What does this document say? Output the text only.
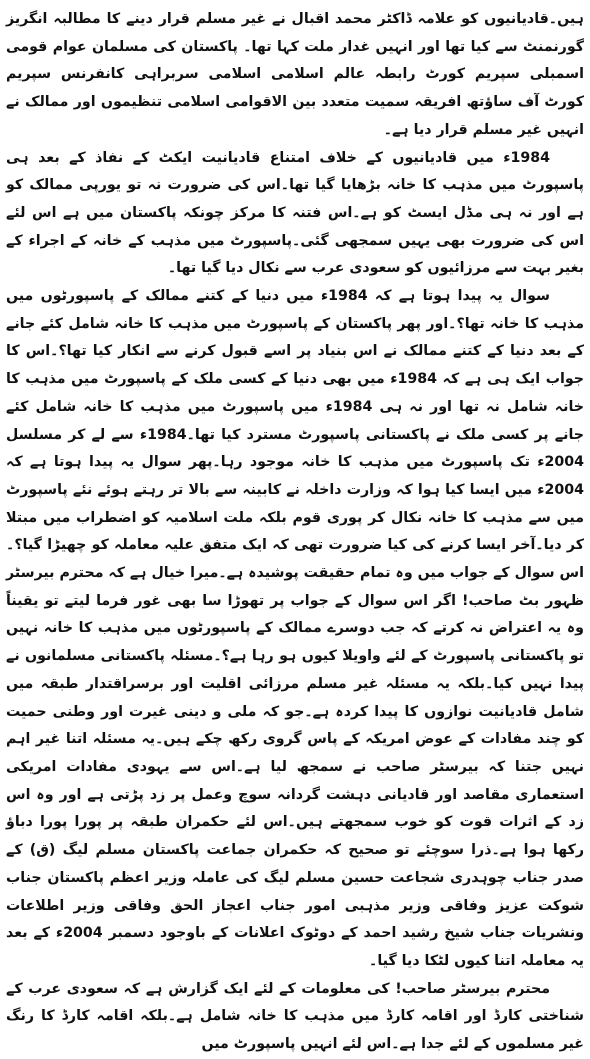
ہیں۔قادیانیوں کو علامہ ڈاکٹر محمد اقبال نے غیر مسلم قرار دینے کا مطالبہ انگریز گورنمنٹ سے کیا تھا اور انہیں غدار ملت کہا تھا۔ پاکستان کی مسلمان عوام قومی اسمبلی سپریم کورٹ رابطہ عالم اسلامی اسلامی سربراہی کانفرنس سپریم کورٹ آف ساؤتھ افریقہ سمیت متعدد بین الاقوامی اسلامی تنظیموں اور ممالک نے انہیں غیر مسلم قرار دیا ہے۔

1984ء میں قادیانیوں کے خلاف امتناع قادیانیت ایکٹ کے نفاذ کے بعد ہی پاسپورٹ میں مذہب کا خانہ بڑھایا گیا تھا۔اس کی ضرورت نہ تو یورپی ممالک کو ہے اور نہ ہی مڈل ایسٹ کو ہے۔اس فتنہ کا مرکز چونکہ پاکستان میں ہے اس لئے اس کی ضرورت بھی یہیں سمجھی گئی۔پاسپورٹ میں مذہب کے خانہ کے اجراء کے بغیر بہت سے مرزائیوں کو سعودی عرب سے نکال دیا گیا تھا۔

سوال یہ پیدا ہوتا ہے کہ 1984ء میں دنیا کے کتنے ممالک کے پاسپورٹوں میں مذہب کا خانہ تھا؟۔اور پھر پاکستان کے پاسپورٹ میں مذہب کا خانہ شامل کئے جانے کے بعد دنیا کے کتنے ممالک نے اس بنیاد پر اسے قبول کرنے سے انکار کیا تھا؟۔اس کا جواب ایک ہی ہے کہ 1984ء میں بھی دنیا کے کسی ملک کے پاسپورٹ میں مذہب کا خانہ شامل نہ تھا اور نہ ہی 1984ء میں پاسپورٹ میں مذہب کا خانہ شامل کئے جانے پر کسی ملک نے پاکستانی پاسپورٹ مسترد کیا تھا۔1984ء سے لے کر مسلسل 2004ء تک پاسپورٹ میں مذہب کا خانہ موجود رہا۔پھر سوال یہ پیدا ہوتا ہے کہ 2004ء میں ایسا کیا ہوا کہ وزارت داخلہ نے کابینہ سے بالا تر رہتے ہوئے نئے پاسپورٹ میں سے مذہب کا خانہ نکال کر پوری قوم بلکہ ملت اسلامیہ کو اضطراب میں مبتلا کر دیا۔آخر ایسا کرنے کی کیا ضرورت تھی کہ ایک متفق علیہ معاملہ کو چھیڑا گیا؟۔اس سوال کے جواب میں وہ تمام حقیقت پوشیدہ ہے۔میرا خیال ہے کہ محترم بیرسٹر ظہور بٹ صاحب! اگر اس سوال کے جواب پر تھوڑا سا بھی غور فرما لیتے تو یقیناً وہ یہ اعتراض نہ کرتے کہ جب دوسرے ممالک کے پاسپورٹوں میں مذہب کا خانہ نہیں تو پاکستانی پاسپورٹ کے لئے واویلا کیوں ہو رہا ہے؟۔مسئلہ پاکستانی مسلمانوں نے پیدا نہیں کیا۔بلکہ یہ مسئلہ غیر مسلم مرزائی اقلیت اور برسراقتدار طبقہ میں شامل قادیانیت نوازوں کا پیدا کردہ ہے۔جو کہ ملی و دینی غیرت اور وطنی حمیت کو چند مفادات کے عوض امریکہ کے پاس گروی رکھ چکے ہیں۔یہ مسئلہ اتنا غیر اہم نہیں جتنا کہ بیرسٹر صاحب نے سمجھ لیا ہے۔اس سے یہودی مفادات امریکی استعماری مقاصد اور قادیانی دہشت گردانہ سوچ وعمل پر زد پڑتی ہے اور وہ اس زد کے اثرات قوت کو خوب سمجھتے ہیں۔اس لئے حکمران طبقہ پر پورا پورا دباؤ رکھا ہوا ہے۔ذرا سوچئے تو صحیح کہ حکمران جماعت پاکستان مسلم لیگ (ق) کے صدر جناب چوہدری شجاعت حسین مسلم لیگ کی عاملہ وزیر اعظم پاکستان جناب شوکت عزیز وفاقی وزیر مذہبی امور جناب اعجاز الحق وفاقی وزیر اطلاعات ونشریات جناب شیخ رشید احمد کے دوٹوک اعلانات کے باوجود دسمبر 2004ء کے بعد یہ معاملہ اتنا کیوں لٹکا دیا گیا۔

محترم بیرسٹر صاحب! کی معلومات کے لئے ایک گزارش ہے کہ سعودی عرب کے شناختی کارڈ اور اقامہ کارڈ میں مذہب کا خانہ شامل ہے۔بلکہ اقامہ کارڈ کا رنگ غیر مسلموں کے لئے جدا ہے۔اس لئے انہیں پاسپورٹ میں
